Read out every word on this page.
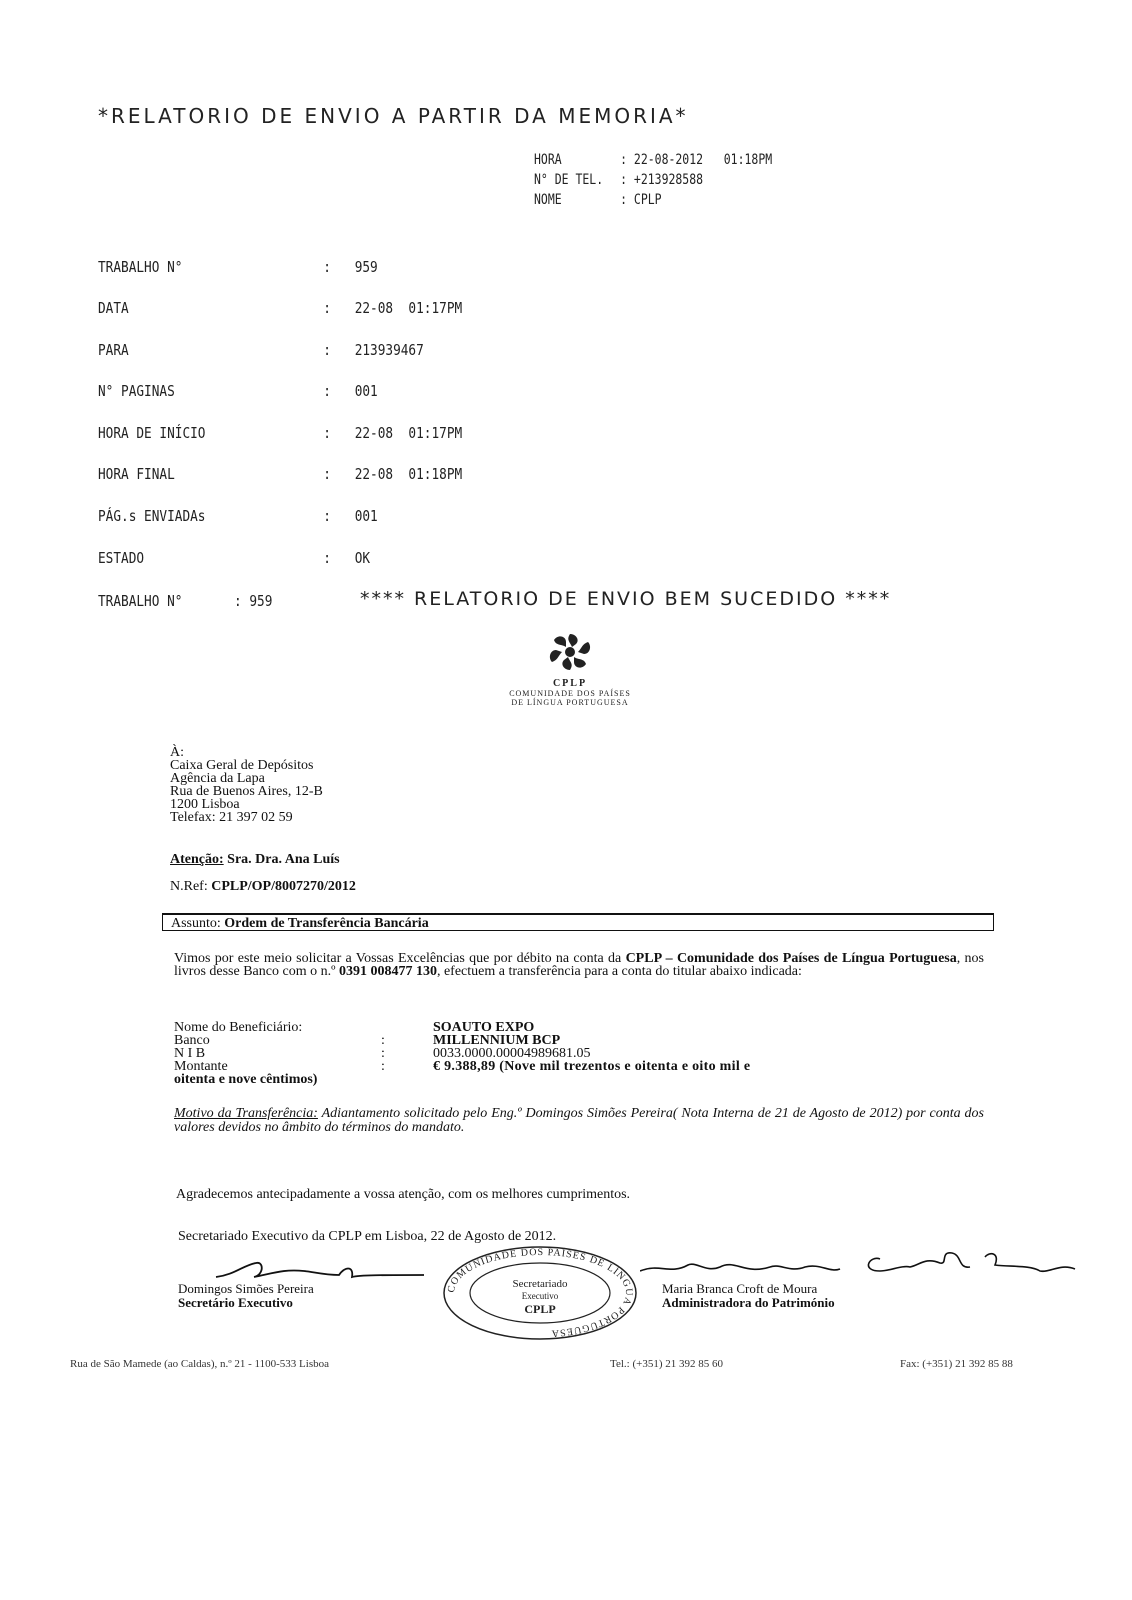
*RELATORIO DE ENVIO A PARTIR DA MEMORIA*
HORA	: 22-08-2012   01:18PM
N° DE TEL.	: +213928588
NOME	: CPLP
TRABALHO N°	:	959
DATA	:	22-08  01:17PM
PARA	:	213939467
N° PAGINAS	:	001
HORA DE INÍCIO	:	22-08  01:17PM
HORA FINAL	:	22-08  01:18PM
PÁG.s ENVIADAs	:	001
ESTADO	:	OK
TRABALHO N°	: 959	**** RELATORIO DE ENVIO BEM SUCEDIDO ****
CPLP
COMUNIDADE DOS PAÍSES
DE LÍNGUA PORTUGUESA
À:
Caixa Geral de Depósitos
Agência da Lapa
Rua de Buenos Aires, 12-B
1200 Lisboa
Telefax: 21 397 02 59
Atenção: Sra. Dra. Ana Luís
N.Ref: CPLP/OP/8007270/2012
Assunto: Ordem de Transferência Bancária
Vimos por este meio solicitar a Vossas Excelências que por débito na conta da CPLP – Comunidade dos Países de Língua Portuguesa, nos livros desse Banco com o n.º 0391 008477 130, efectuem a transferência para a conta do titular abaixo indicada:
Nome do Beneficiário:	SOAUTO EXPO
Banco	:	MILLENNIUM BCP
N I B	:	0033.0000.00004989681.05
Montante	:	€ 9.388,89 (Nove mil trezentos e oitenta e oito mil e
oitenta e nove cêntimos)
Motivo da Transferência: Adiantamento solicitado pelo Eng.º Domingos Simões Pereira( Nota Interna de 21 de Agosto de 2012) por conta dos valores devidos no âmbito do términos do mandato.
Agradecemos antecipadamente a vossa atenção, com os melhores cumprimentos.
Secretariado Executivo da CPLP em Lisboa, 22 de Agosto de 2012.
Domingos Simões Pereira
Secretário Executivo
Maria Branca Croft de Moura
Administradora do Património
COMUNIDADE DOS PAÍSES DE LÍNGUA PORTUGUESA
Secretariado
Executivo
CPLP
Rua de São Mamede (ao Caldas), n.º 21 - 1100-533 Lisboa	Tel.: (+351) 21 392 85 60	Fax: (+351) 21 392 85 88
